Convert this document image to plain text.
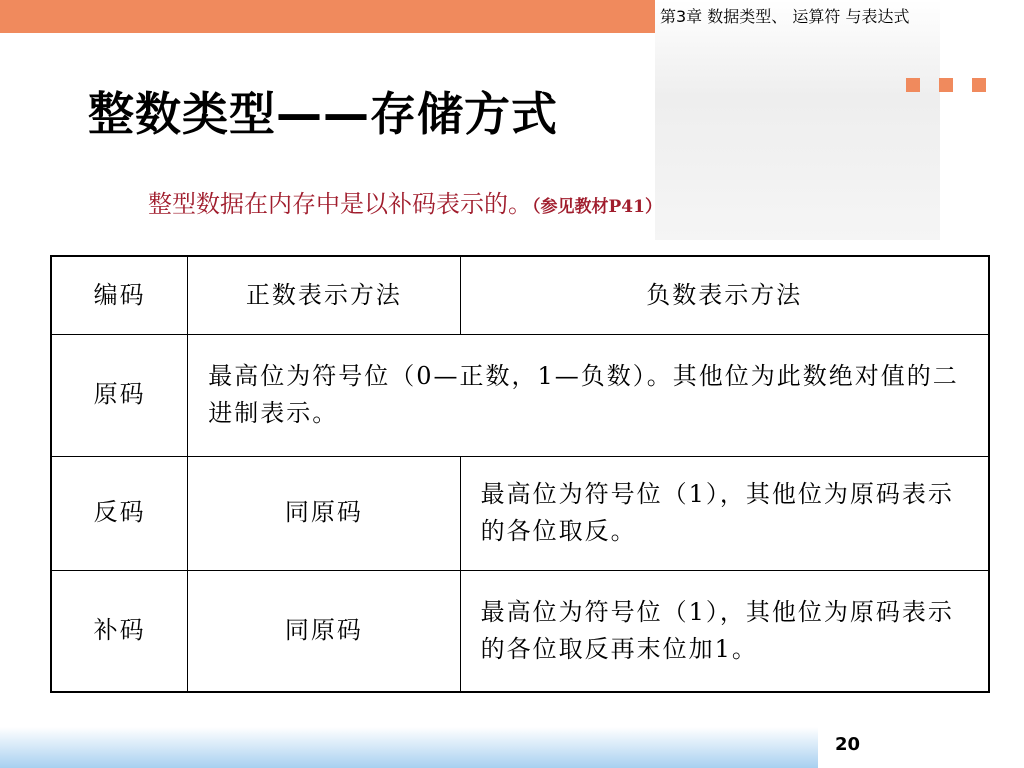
第3章 数据类型、 运算符 与表达式
整数类型——存储方式
整型数据在内存中是以补码表示的。（参见教材P41）
编码	正数表示方法	负数表示方法
原码	最高位为符号位（0—正数，1—负数）。其他位为此数绝对值的二进制表示。	
反码	同原码	最高位为符号位（1），其他位为原码表示的各位取反。
补码	同原码	最高位为符号位（1），其他位为原码表示的各位取反再末位加1。
20
